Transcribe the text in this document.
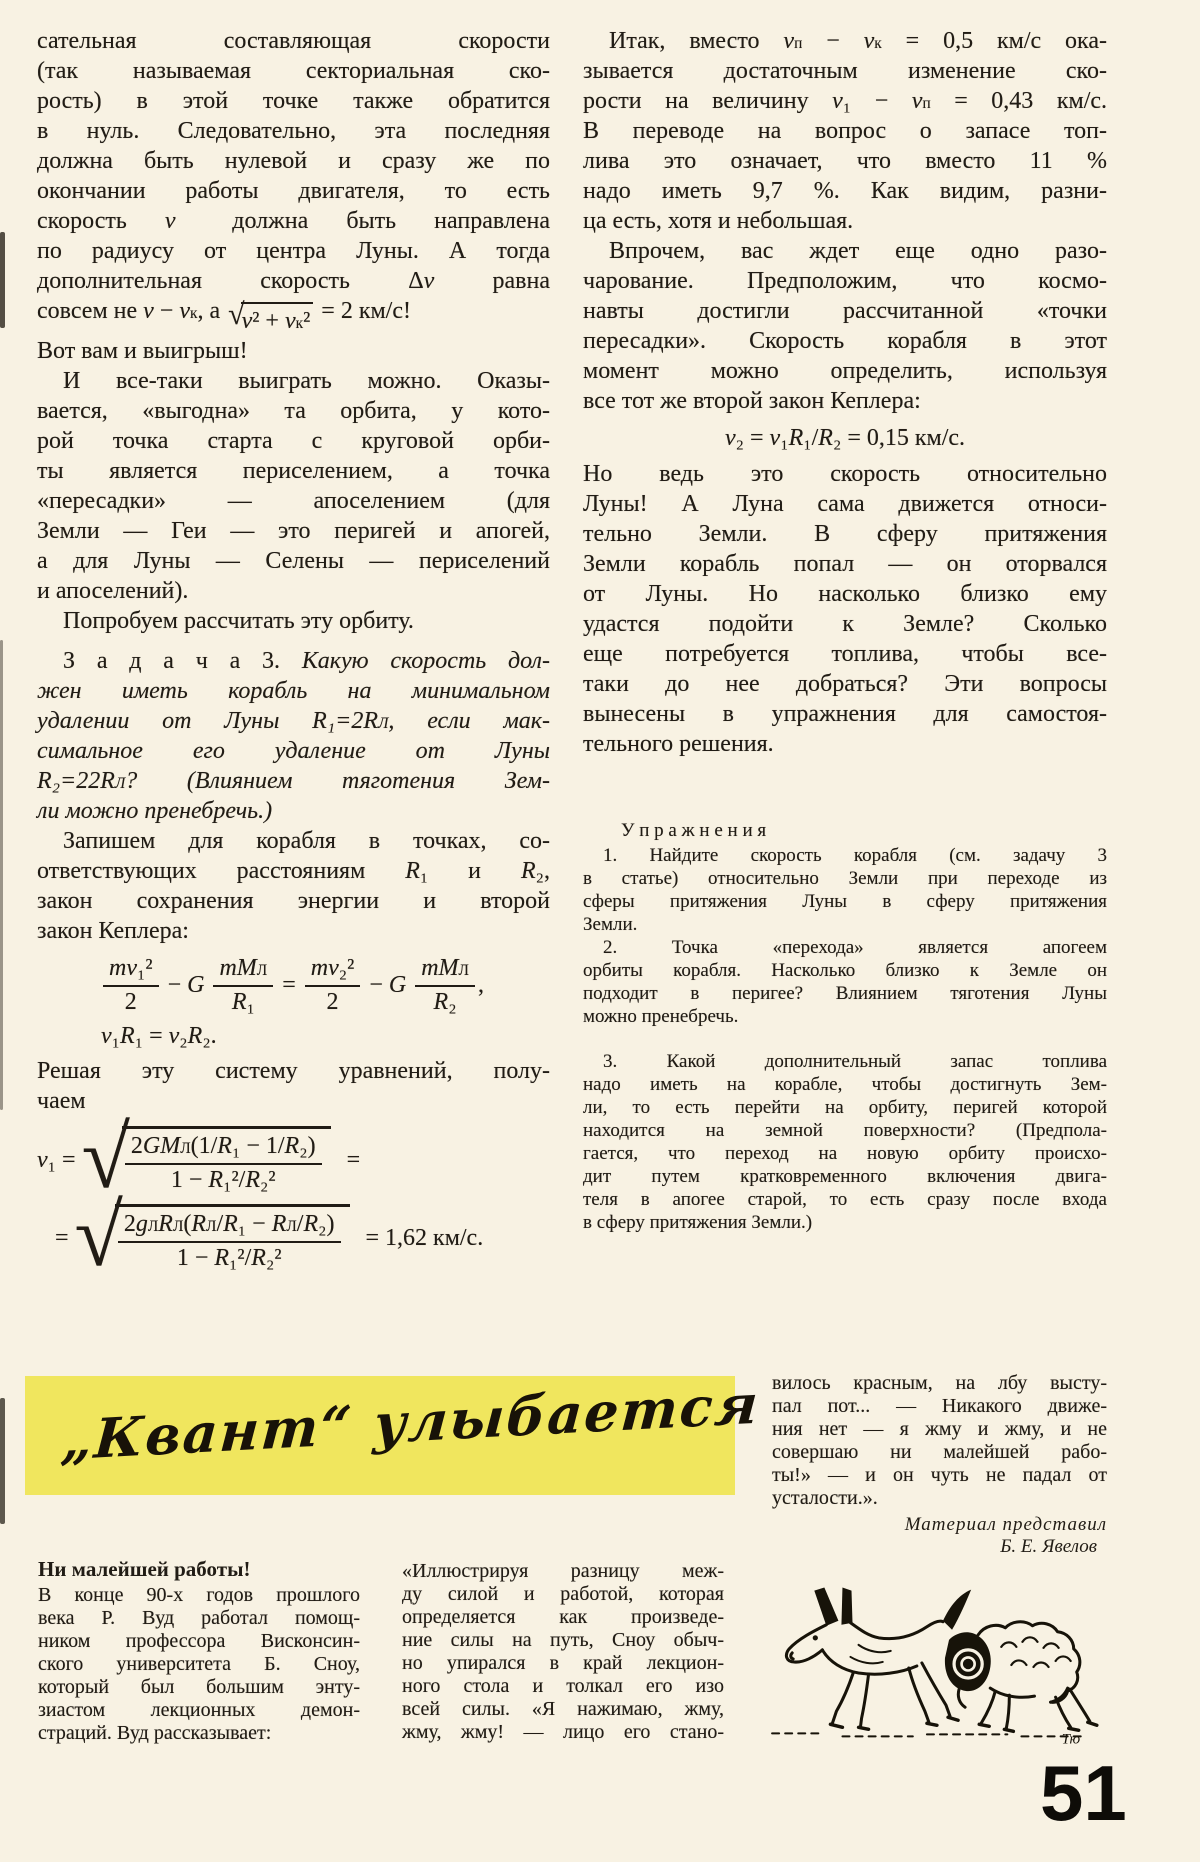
сательная составляющая скорости
(так называемая секториальная ско-
рость) в этой точке также обратится
в нуль. Следовательно, эта последняя
должна быть нулевой и сразу же по
окончании работы двигателя, то есть
скорость v⃗ должна быть направлена
по радиусу от центра Луны. А тогда
дополнительная скорость Δv равна
совсем не $v - v_к$, а √
$v^2 + v_к^2 = 2$ км/с!
Вот вам и выигрыш!
И все-таки выиграть можно. Оказы-
вается, «выгодна» та орбита, у кото-
рой точка старта с круговой орби-
ты является периселением, а точка
«пересадки» — апоселением (для
Земли — Геи — это перигей и апогей,
а для Луны — Селены — периселений
и апоселений).
Попробуем рассчитать эту орбиту.
З а д а ч а 3. Какую скорость дол-
жен иметь корабль на минимальном
удалении от Луны $R_1=2R_Л$, если мак-
симальное его удаление от Луны
$R_2=22R_Л$? (Влиянием тяготения Зем-
ли можно пренебречь.)
Запишем для корабля в точках, со-
ответствующих расстояниям R₁ и R₂,
закон сохранения энергии и второй
закон Кеплера:
$\frac{\text{mv₁²}}{2} - G \frac{mM_Л}{\text{R₁}} = \frac{\text{mv₂²}}{2} - G \frac{mM_Л}{\text{R₂}}$ ,
v₁R₁ = v₂R₂.
Решая эту систему уравнений, полу-
чаем
v₁ = √
$\frac{2GM_Л(1/R_1 - 1/R_2)}{\text{1 − R₁²/R₂²}}$ =
= √
$\frac{2g_ЛR_Л(R_Л/R_1 - R_Л/R_2)}{\text{1 − R₁²/R₂²}} = 1,62$ км/с.
Итак, вместо $v_п - v_к = 0,5$ км/с ока-
зывается достаточным изменение ско-
рости на величину $v_1 - v_п = 0,43$ км/с.
В переводе на вопрос о запасе топ-
лива это означает, что вместо 11 %
надо иметь 9,7 %. Как видим, разни-
ца есть, хотя и небольшая.
Впрочем, вас ждет еще одно разо-
чарование. Предположим, что космо-
навты достигли рассчитанной «точки
пересадки». Скорость корабля в этот
момент можно определить, используя
все тот же второй закон Кеплера:
v₂ = v₁R₁/R₂ = 0,15 км/с.
Но ведь это скорость относительно
Луны! А Луна сама движется относи-
тельно Земли. В сферу притяжения
Земли корабль попал — он оторвался
от Луны. Но насколько близко ему
удастся подойти к Земле? Сколько
еще потребуется топлива, чтобы все-
таки до нее добраться? Эти вопросы
вынесены в упражнения для самостоя-
тельного решения.
У п р а ж н е н и я
1. Найдите скорость корабля (см. задачу 3
в статье) относительно Земли при переходе из
сферы притяжения Луны в сферу притяжения
Земли.
2. Точка «перехода» является апогеем
орбиты корабля. Насколько близко к Земле он
подходит в перигее? Влиянием тяготения Луны
можно пренебречь.
3. Какой дополнительный запас топлива
надо иметь на корабле, чтобы достигнуть Зем-
ли, то есть перейти на орбиту, перигей которой
находится на земной поверхности? (Предпола-
гается, что переход на новую орбиту происхо-
дит путем кратковременного включения двига-
теля в апогее старой, то есть сразу после входа
в сферу притяжения Земли.)
„Квант“ улыбается вилось красным, на лбу высту-
пал пот... — Никакого движе-
ния нет — я жму и жму, и не
совершаю ни малейшей рабо-
ты!» — и он чуть не падал от
усталости.».
Материал представил
Б. Е. Явелов
Ни малейшей работы!
В конце 90-х годов прошлого
века Р. Вуд работал помощ-
ником профессора Висконсин-
ского университета Б. Сноу,
который был большим энту-
зиастом лекционных демон-
страций. Вуд рассказывает:
«Иллюстрируя разницу меж-
ду силой и работой, которая
определяется как произведе-
ние силы на путь, Сноу обыч-
но упирался в край лекцион-
ного стола и толкал его изо
всей силы. «Я нажимаю, жму,
жму, жму! — лицо его стано-	Тю
51
